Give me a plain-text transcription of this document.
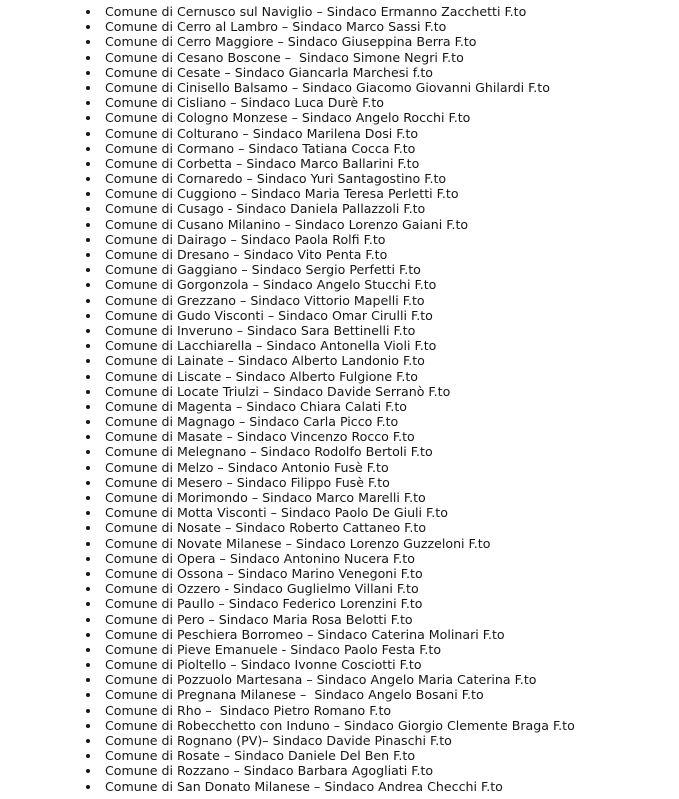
Comune di Cernusco sul Naviglio – Sindaco Ermanno Zacchetti F.to
Comune di Cerro al Lambro – Sindaco Marco Sassi F.to
Comune di Cerro Maggiore – Sindaco Giuseppina Berra F.to
Comune di Cesano Boscone –  Sindaco Simone Negri F.to
Comune di Cesate – Sindaco Giancarla Marchesi f.to
Comune di Cinisello Balsamo – Sindaco Giacomo Giovanni Ghilardi F.to
Comune di Cisliano – Sindaco Luca Durè F.to
Comune di Cologno Monzese – Sindaco Angelo Rocchi F.to
Comune di Colturano – Sindaco Marilena Dosi F.to
Comune di Cormano – Sindaco Tatiana Cocca F.to
Comune di Corbetta – Sindaco Marco Ballarini F.to
Comune di Cornaredo – Sindaco Yuri Santagostino F.to
Comune di Cuggiono – Sindaco Maria Teresa Perletti F.to
Comune di Cusago - Sindaco Daniela Pallazzoli F.to
Comune di Cusano Milanino – Sindaco Lorenzo Gaiani F.to
Comune di Dairago – Sindaco Paola Rolfi F.to
Comune di Dresano – Sindaco Vito Penta F.to
Comune di Gaggiano – Sindaco Sergio Perfetti F.to
Comune di Gorgonzola – Sindaco Angelo Stucchi F.to
Comune di Grezzano – Sindaco Vittorio Mapelli F.to
Comune di Gudo Visconti – Sindaco Omar Cirulli F.to
Comune di Inveruno – Sindaco Sara Bettinelli F.to
Comune di Lacchiarella – Sindaco Antonella Violi F.to
Comune di Lainate – Sindaco Alberto Landonio F.to
Comune di Liscate – Sindaco Alberto Fulgione F.to
Comune di Locate Triulzi – Sindaco Davide Serranò F.to
Comune di Magenta – Sindaco Chiara Calati F.to
Comune di Magnago – Sindaco Carla Picco F.to
Comune di Masate – Sindaco Vincenzo Rocco F.to
Comune di Melegnano – Sindaco Rodolfo Bertoli F.to
Comune di Melzo – Sindaco Antonio Fusè F.to
Comune di Mesero – Sindaco Filippo Fusè F.to
Comune di Morimondo – Sindaco Marco Marelli F.to
Comune di Motta Visconti – Sindaco Paolo De Giuli F.to
Comune di Nosate – Sindaco Roberto Cattaneo F.to
Comune di Novate Milanese – Sindaco Lorenzo Guzzeloni F.to
Comune di Opera – Sindaco Antonino Nucera F.to
Comune di Ossona – Sindaco Marino Venegoni F.to
Comune di Ozzero - Sindaco Guglielmo Villani F.to
Comune di Paullo – Sindaco Federico Lorenzini F.to
Comune di Pero – Sindaco Maria Rosa Belotti F.to
Comune di Peschiera Borromeo – Sindaco Caterina Molinari F.to
Comune di Pieve Emanuele - Sindaco Paolo Festa F.to
Comune di Pioltello – Sindaco Ivonne Cosciotti F.to
Comune di Pozzuolo Martesana – Sindaco Angelo Maria Caterina F.to
Comune di Pregnana Milanese –  Sindaco Angelo Bosani F.to
Comune di Rho –  Sindaco Pietro Romano F.to
Comune di Robecchetto con Induno – Sindaco Giorgio Clemente Braga F.to
Comune di Rognano (PV)– Sindaco Davide Pinaschi F.to
Comune di Rosate – Sindaco Daniele Del Ben F.to
Comune di Rozzano – Sindaco Barbara Agogliati F.to
Comune di San Donato Milanese – Sindaco Andrea Checchi F.to
